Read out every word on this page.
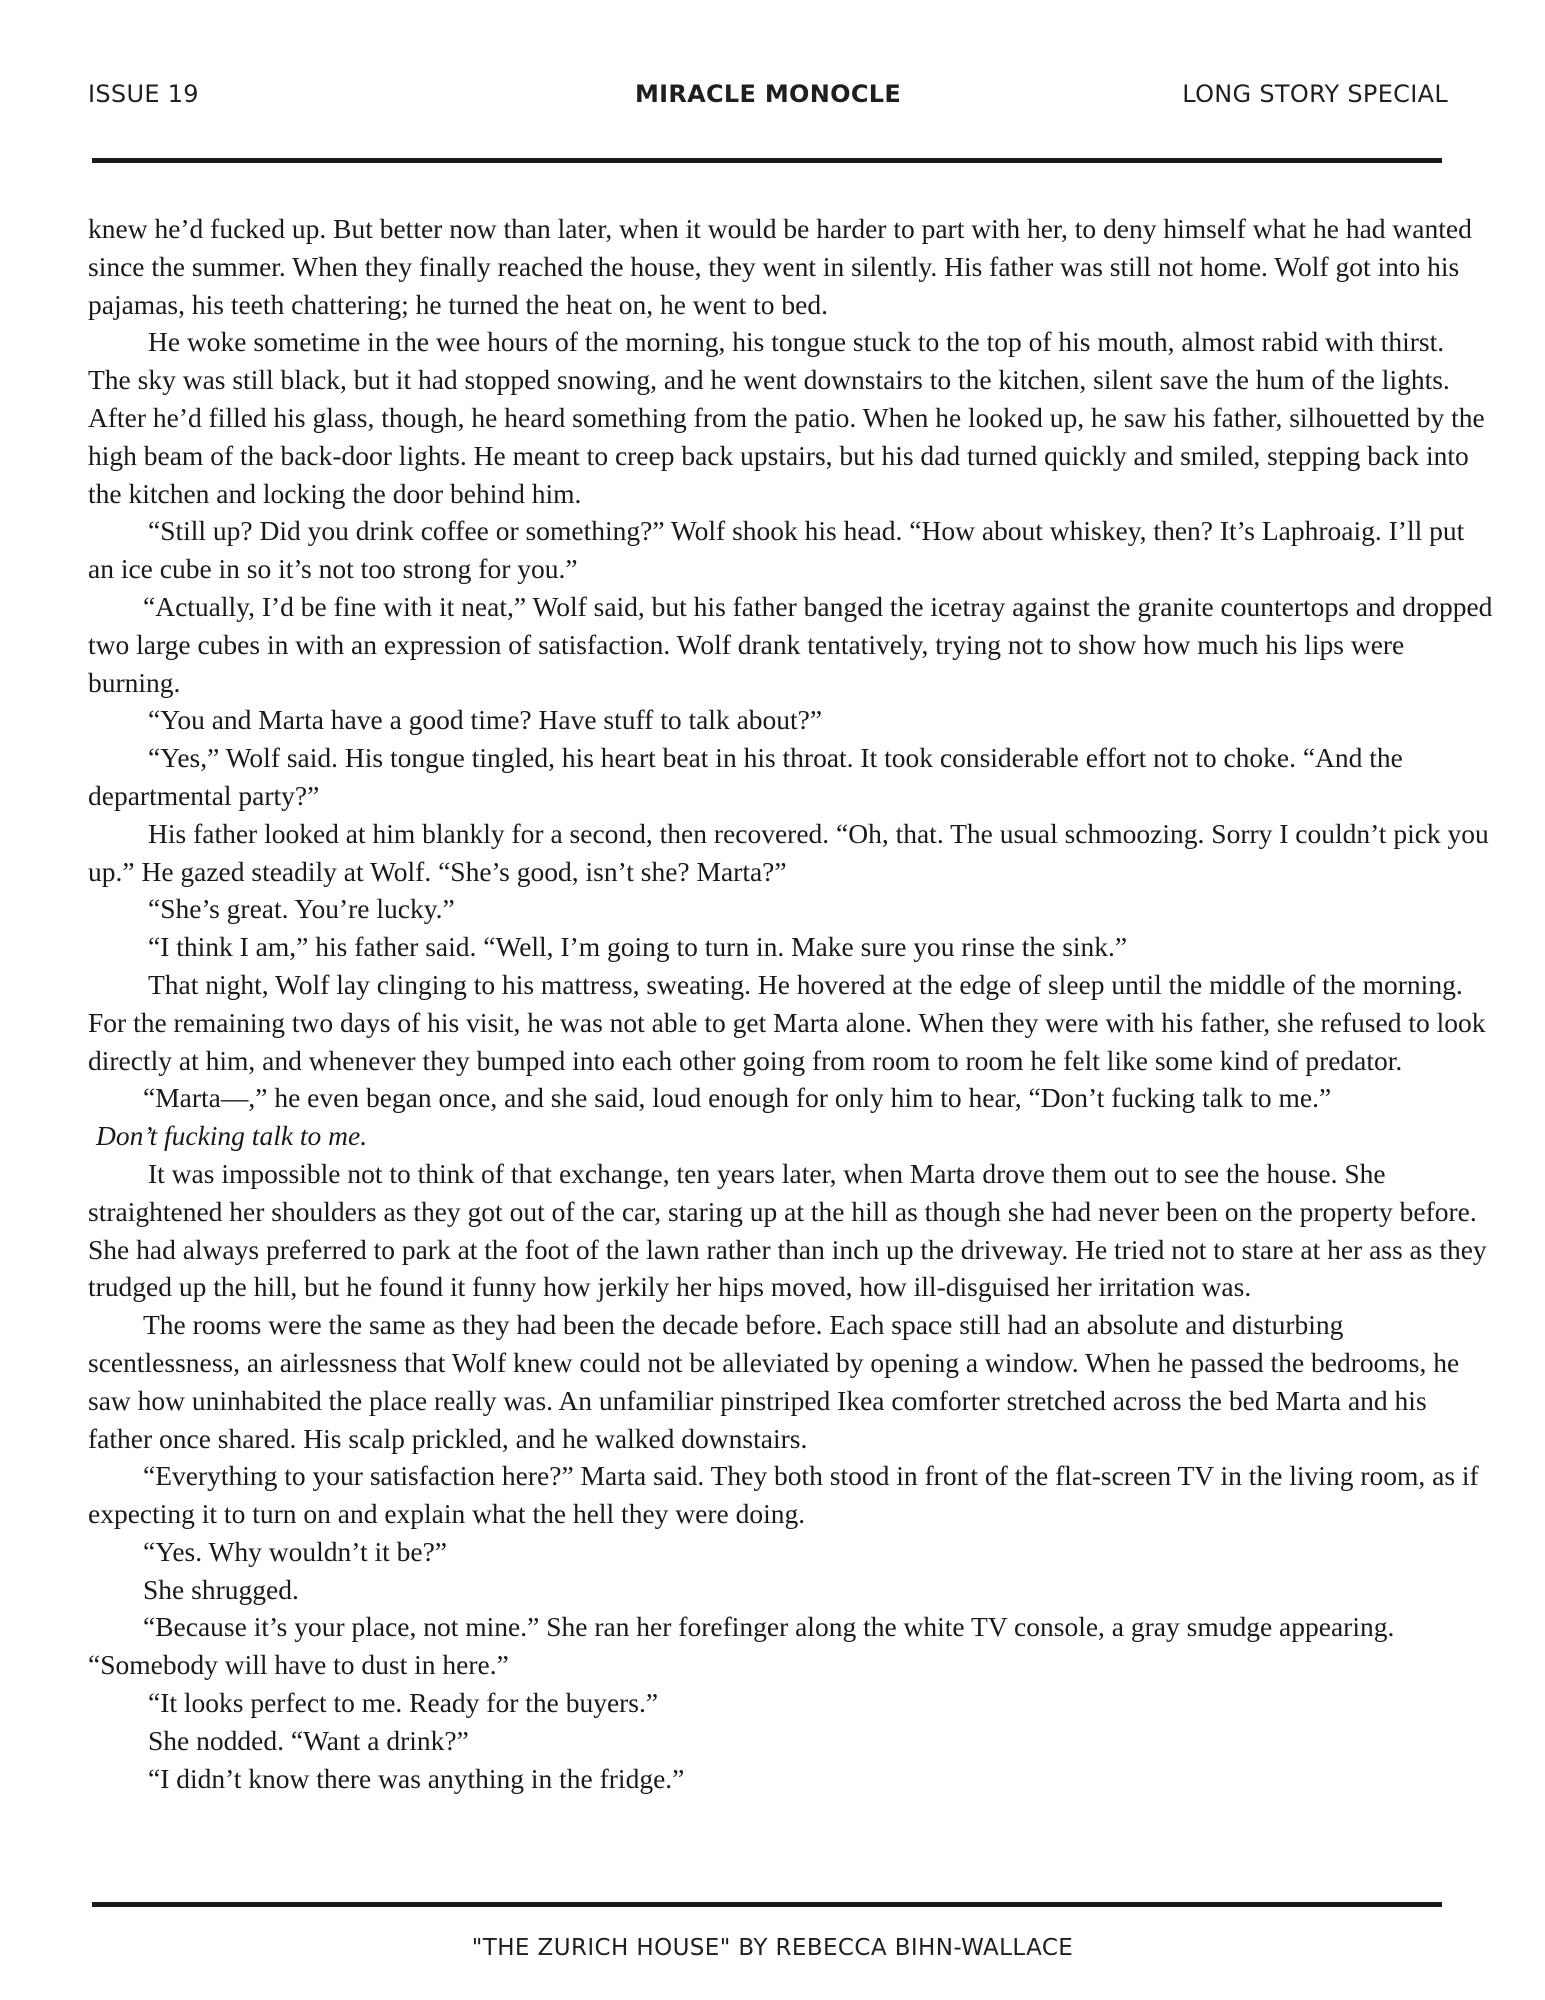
ISSUE 19	MIRACLE MONOCLE	LONG STORY SPECIAL

knew he’d fucked up. But better now than later, when it would be harder to part with her, to deny himself what he had wanted since the summer. When they finally reached the house, they went in silently. His father was still not home. Wolf got into his pajamas, his teeth chattering; he turned the heat on, he went to bed.

He woke sometime in the wee hours of the morning, his tongue stuck to the top of his mouth, almost rabid with thirst. The sky was still black, but it had stopped snowing, and he went downstairs to the kitchen, silent save the hum of the lights. After he’d filled his glass, though, he heard something from the patio. When he looked up, he saw his father, silhouetted by the high beam of the back-door lights. He meant to creep back upstairs, but his dad turned quickly and smiled, stepping back into the kitchen and locking the door behind him.

“Still up? Did you drink coffee or something?” Wolf shook his head. “How about whiskey, then? It’s Laphroaig. I’ll put an ice cube in so it’s not too strong for you.”

“Actually, I’d be fine with it neat,” Wolf said, but his father banged the icetray against the granite countertops and dropped two large cubes in with an expression of satisfaction. Wolf drank tentatively, trying not to show how much his lips were burning.

“You and Marta have a good time? Have stuff to talk about?”

“Yes,” Wolf said. His tongue tingled, his heart beat in his throat. It took considerable effort not to choke. “And the departmental party?”

His father looked at him blankly for a second, then recovered. “Oh, that. The usual schmoozing. Sorry I couldn’t pick you up.” He gazed steadily at Wolf. “She’s good, isn’t she? Marta?”

“She’s great. You’re lucky.”

“I think I am,” his father said. “Well, I’m going to turn in. Make sure you rinse the sink.”

That night, Wolf lay clinging to his mattress, sweating. He hovered at the edge of sleep until the middle of the morning. For the remaining two days of his visit, he was not able to get Marta alone. When they were with his father, she refused to look directly at him, and whenever they bumped into each other going from room to room he felt like some kind of predator.

“Marta—,” he even began once, and she said, loud enough for only him to hear, “Don’t fucking talk to me.”

Don’t fucking talk to me.

It was impossible not to think of that exchange, ten years later, when Marta drove them out to see the house. She straightened her shoulders as they got out of the car, staring up at the hill as though she had never been on the property before. She had always preferred to park at the foot of the lawn rather than inch up the driveway. He tried not to stare at her ass as they trudged up the hill, but he found it funny how jerkily her hips moved, how ill-disguised her irritation was.

The rooms were the same as they had been the decade before. Each space still had an absolute and disturbing scentlessness, an airlessness that Wolf knew could not be alleviated by opening a window. When he passed the bedrooms, he saw how uninhabited the place really was. An unfamiliar pinstriped Ikea comforter stretched across the bed Marta and his father once shared. His scalp prickled, and he walked downstairs.

“Everything to your satisfaction here?” Marta said. They both stood in front of the flat-screen TV in the living room, as if expecting it to turn on and explain what the hell they were doing.

“Yes. Why wouldn’t it be?”

She shrugged.

“Because it’s your place, not mine.” She ran her forefinger along the white TV console, a gray smudge appearing. “Somebody will have to dust in here.”

“It looks perfect to me. Ready for the buyers.”

She nodded. “Want a drink?”

“I didn’t know there was anything in the fridge.”

"THE ZURICH HOUSE" BY REBECCA BIHN-WALLACE
